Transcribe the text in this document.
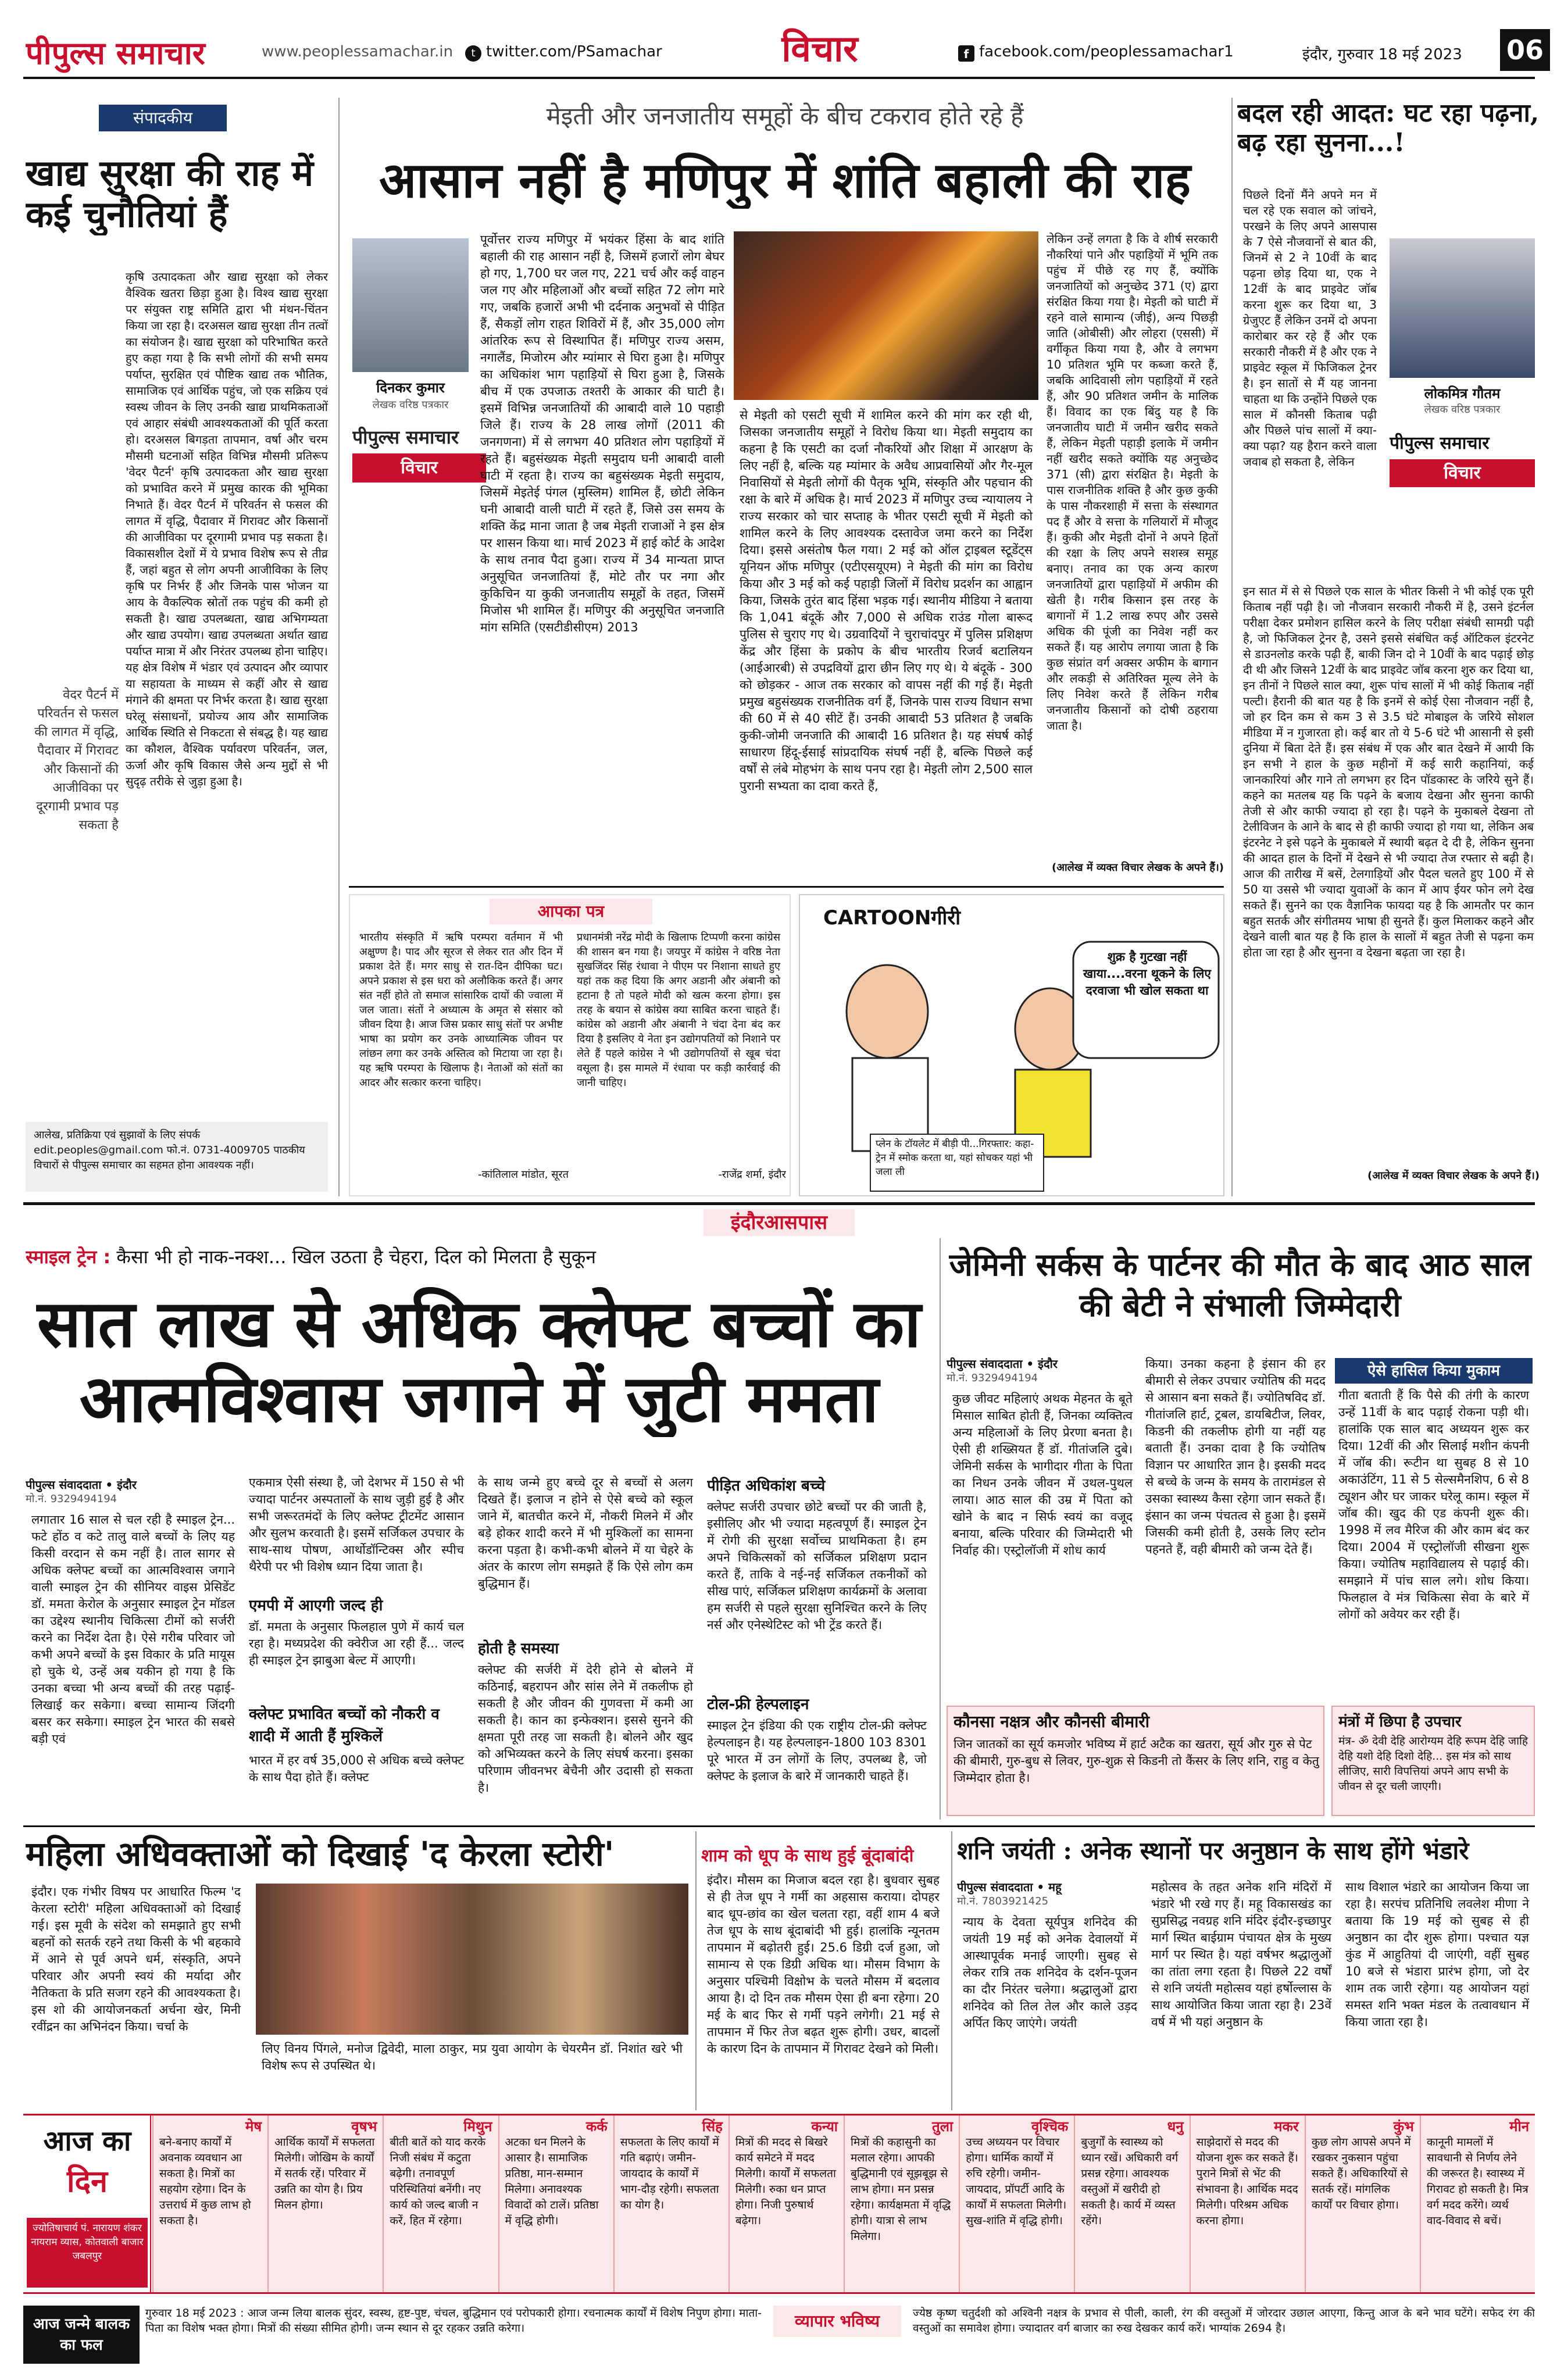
पीपुल्स समाचार	www.peoplessamachar.in	t twitter.com/PSamachar	विचार	f facebook.com/peoplessamachar1	इंदौर, गुरुवार 18 मई 2023	06
संपादकीय
खाद्य सुरक्षा की राह में कई चुनौतियां हैं
कृषि उत्पादकता और खाद्य सुरक्षा को लेकर वैश्विक खतरा छिड़ा हुआ है। विश्व खाद्य सुरक्षा पर संयुक्त राष्ट्र समिति द्वारा भी मंथन-चिंतन किया जा रहा है। दरअसल खाद्य सुरक्षा तीन तत्वों का संयोजन है। खाद्य सुरक्षा को परिभाषित करते हुए कहा गया है कि सभी लोगों की सभी समय पर्याप्त, सुरक्षित एवं पौष्टिक खाद्य तक भौतिक, सामाजिक एवं आर्थिक पहुंच, जो एक सक्रिय एवं स्वस्थ जीवन के लिए उनकी खाद्य प्राथमिकताओं एवं आहार संबंधी आवश्यकताओं की पूर्ति करता हो। दरअसल बिगड़ता तापमान, वर्षा और चरम मौसमी घटनाओं सहित विभिन्न मौसमी प्रतिरूप 'वेदर पैटर्न' कृषि उत्पादकता और खाद्य सुरक्षा को प्रभावित करने में प्रमुख कारक की भूमिका निभाते हैं। वेदर पैटर्न में परिवर्तन से फसल की लागत में वृद्धि, पैदावार में गिरावट और किसानों की आजीविका पर दूरगामी प्रभाव पड़ सकता है। विकासशील देशों में ये प्रभाव विशेष रूप से तीव्र हैं, जहां बहुत से लोग अपनी आजीविका के लिए कृषि पर निर्भर हैं और जिनके पास भोजन या आय के वैकल्पिक स्रोतों तक पहुंच की कमी हो सकती है। खाद्य उपलब्धता, खाद्य अभिगम्यता और खाद्य उपयोग। खाद्य उपलब्धता अर्थात खाद्य पर्याप्त मात्रा में और निरंतर उपलब्ध होना चाहिए। यह क्षेत्र विशेष में भंडार एवं उत्पादन और व्यापार या सहायता के माध्यम से कहीं और से खाद्य मंगाने की क्षमता पर निर्भर करता है। खाद्य सुरक्षा घरेलू संसाधनों, प्रयोज्य आय और सामाजिक आर्थिक स्थिति से निकटता से संबद्ध है। यह खाद्य का कौशल, वैश्विक पर्यावरण परिवर्तन, जल, ऊर्जा और कृषि विकास जैसे अन्य मुद्दों से भी सुदृढ़ तरीके से जुड़ा हुआ है।
वेदर पैटर्न में परिवर्तन से फसल की लागत में वृद्धि, पैदावार में गिरावट और किसानों की आजीविका पर दूरगामी प्रभाव पड़ सकता है
आलेख, प्रतिक्रिया एवं सुझावों के लिए संपर्क edit.peoples@gmail.com फो.नं. 0731-4009705 पाठकीय विचारों से पीपुल्स समाचार का सहमत होना आवश्यक नहीं।
मेइती और जनजातीय समूहों के बीच टकराव होते रहे हैं
आसान नहीं है मणिपुर में शांति बहाली की राह
दिनकर कुमार
लेखक वरिष्ठ पत्रकार
पीपुल्स समाचार
विचार
पूर्वोत्तर राज्य मणिपुर में भयंकर हिंसा के बाद शांति बहाली की राह आसान नहीं है, जिसमें हजारों लोग बेघर हो गए, 1,700 घर जल गए, 221 चर्च और कई वाहन जल गए और महिलाओं और बच्चों सहित 72 लोग मारे गए, जबकि हजारों अभी भी दर्दनाक अनुभवों से पीड़ित हैं, सैकड़ों लोग राहत शिविरों में हैं, और 35,000 लोग आंतरिक रूप से विस्थापित हैं। मणिपुर राज्य असम, नगालैंड, मिजोरम और म्यांमार से घिरा हुआ है। मणिपुर का अधिकांश भाग पहाड़ियों से घिरा हुआ है, जिसके बीच में एक उपजाऊ तश्तरी के आकार की घाटी है। इसमें विभिन्न जनजातियों की आबादी वाले 10 पहाड़ी जिले हैं। राज्य के 28 लाख लोगों (2011 की जनगणना) में से लगभग 40 प्रतिशत लोग पहाड़ियों में रहते हैं। बहुसंख्यक मेइती समुदाय घनी आबादी वाली घाटी में रहता है। राज्य का बहुसंख्यक मेइती समुदाय, जिसमें मेइतेई पंगल (मुस्लिम) शामिल हैं, छोटी लेकिन घनी आबादी वाली घाटी में रहते हैं, जिसे उस समय के शक्ति केंद्र माना जाता है जब मेइती राजाओं ने इस क्षेत्र पर शासन किया था। मार्च 2023 में हाई कोर्ट के आदेश के साथ तनाव पैदा हुआ। राज्य में 34 मान्यता प्राप्त अनुसूचित जनजातियां हैं, मोटे तौर पर नगा और कुकिचिन या कुकी जनजातीय समूहों के तहत, जिसमें मिजोस भी शामिल हैं। मणिपुर की अनुसूचित जनजाति मांग समिति (एसटीडीसीएम) 2013
से मेइती को एसटी सूची में शामिल करने की मांग कर रही थी, जिसका जनजातीय समूहों ने विरोध किया था। मेइती समुदाय का कहना है कि एसटी का दर्जा नौकरियों और शिक्षा में आरक्षण के लिए नहीं है, बल्कि यह म्यांमार के अवैध आप्रवासियों और गैर-मूल निवासियों से मेइती लोगों की पैतृक भूमि, संस्कृति और पहचान की रक्षा के बारे में अधिक है। मार्च 2023 में मणिपुर उच्च न्यायालय ने राज्य सरकार को चार सप्ताह के भीतर एसटी सूची में मेइती को शामिल करने के लिए आवश्यक दस्तावेज जमा करने का निर्देश दिया। इससे असंतोष फैल गया। 2 मई को ऑल ट्राइबल स्टूडेंट्स यूनियन ऑफ मणिपुर (एटीएसयूएम) ने मेइती की मांग का विरोध किया और 3 मई को कई पहाड़ी जिलों में विरोध प्रदर्शन का आह्वान किया, जिसके तुरंत बाद हिंसा भड़क गई। स्थानीय मीडिया ने बताया कि 1,041 बंदूकें और 7,000 से अधिक राउंड गोला बारूद पुलिस से चुराए गए थे। उग्रवादियों ने चुराचांदपुर में पुलिस प्रशिक्षण केंद्र और हिंसा के प्रकोप के बीच भारतीय रिजर्व बटालियन (आईआरबी) से उपद्रवियों द्वारा छीन लिए गए थे। ये बंदूकें - 300 को छोड़कर - आज तक सरकार को वापस नहीं की गई हैं। मेइती प्रमुख बहुसंख्यक राजनीतिक वर्ग हैं, जिनके पास राज्य विधान सभा की 60 में से 40 सीटें हैं। उनकी आबादी 53 प्रतिशत है जबकि कुकी-जोमी जनजाति की आबादी 16 प्रतिशत है। यह संघर्ष कोई साधारण हिंदू-ईसाई सांप्रदायिक संघर्ष नहीं है, बल्कि पिछले कई वर्षों से लंबे मोहभंग के साथ पनप रहा है। मेइती लोग 2,500 साल पुरानी सभ्यता का दावा करते हैं,
लेकिन उन्हें लगता है कि वे शीर्ष सरकारी नौकरियां पाने और पहाड़ियों में भूमि तक पहुंच में पीछे रह गए हैं, क्योंकि जनजातियों को अनुच्छेद 371 (ए) द्वारा संरक्षित किया गया है। मेइती को घाटी में रहने वाले सामान्य (जीई), अन्य पिछड़ी जाति (ओबीसी) और लोहरा (एससी) में वर्गीकृत किया गया है, और वे लगभग 10 प्रतिशत भूमि पर कब्जा करते हैं, जबकि आदिवासी लोग पहाड़ियों में रहते हैं, और 90 प्रतिशत जमीन के मालिक हैं। विवाद का एक बिंदु यह है कि जनजातीय घाटी में जमीन खरीद सकते हैं, लेकिन मेइती पहाड़ी इलाके में जमीन नहीं खरीद सकते क्योंकि यह अनुच्छेद 371 (सी) द्वारा संरक्षित है। मेइती के पास राजनीतिक शक्ति है और कुछ कुकी के पास नौकरशाही में सत्ता के संस्थागत पद हैं और वे सत्ता के गलियारों में मौजूद हैं। कुकी और मेइती दोनों ने अपने हितों की रक्षा के लिए अपने सशस्त्र समूह बनाए। तनाव का एक अन्य कारण जनजातियों द्वारा पहाड़ियों में अफीम की खेती है। गरीब किसान इस तरह के बागानों में 1.2 लाख रुपए और उससे अधिक की पूंजी का निवेश नहीं कर सकते हैं। यह आरोप लगाया जाता है कि कुछ संप्रांत वर्ग अक्सर अफीम के बागान और लकड़ी से अतिरिक्त मूल्य लेने के लिए निवेश करते हैं लेकिन गरीब जनजातीय किसानों को दोषी ठहराया जाता है।
(आलेख में व्यक्त विचार लेखक के अपने हैं।)
आपका पत्र
भारतीय संस्कृति में ऋषि परम्परा वर्तमान में भी अक्षुण्ण है। पाद और सूरज से लेकर रात और दिन में प्रकाश देते हैं। मगर साधु से रात-दिन दीपिका घट। अपने प्रकाश से इस धरा को अलौकिक करते हैं। अगर संत नहीं होते तो समाज सांसारिक दायों की ज्वाला में जल जाता। संतों ने अध्यात्म के अमृत से संसार को जीवन दिया है। आज जिस प्रकार साधु संतों पर अभीष्ट भाषा का प्रयोग कर उनके आध्यात्मिक जीवन पर लांछन लगा कर उनके अस्तित्व को मिटाया जा रहा है। यह ऋषि परम्परा के खिलाफ है। नेताओं को संतों का आदर और सत्कार करना चाहिए।
-कांतिलाल मांडोत, सूरत
प्रधानमंत्री नरेंद्र मोदी के खिलाफ टिप्पणी करना कांग्रेस की शासन बन गया है। जयपुर में कांग्रेस ने वरिष्ठ नेता सुखजिंदर सिंह रंधावा ने पीएम पर निशाना साधते हुए यहां तक कह दिया कि अगर अडानी और अंबानी को हटाना है तो पहले मोदी को खत्म करना होगा। इस तरह के बयान से कांग्रेस क्या साबित करना चाहते हैं। कांग्रेस को अडानी और अंबानी ने चंदा देना बंद कर दिया है इसलिए ये नेता इन उद्योगपतियों को निशाने पर लेते हैं पहले कांग्रेस ने भी उद्योगपतियों से खूब चंदा वसूला है। इस मामले में रंधावा पर कड़ी कार्रवाई की जानी चाहिए।
-राजेंद्र शर्मा, इंदौर
CARTOONगीरी
शुक्र है गुटखा नहीं खाया....वरना थूकने के लिए दरवाजा भी खोल सकता था
प्लेन के टॉयलेट में बीड़ी पी...गिरफ्तार: कहा-ट्रेन में स्मोक करता था, यहां सोचकर यहां भी जला ली
बदल रही आदत: घट रहा पढ़ना, बढ़ रहा सुनना...!
पिछले दिनों मैंने अपने मन में चल रहे एक सवाल को जांचने, परखने के लिए अपने आसपास के 7 ऐसे नौजवानों से बात की, जिनमें से 2 ने 10वीं के बाद पढ़ना छोड़ दिया था, एक ने 12वीं के बाद प्राइवेट जॉब करना शुरू कर दिया था, 3 ग्रेजुएट हैं लेकिन उनमें दो अपना कारोबार कर रहे हैं और एक सरकारी नौकरी में है और एक ने प्राइवेट स्कूल में फिजिकल ट्रेनर है। इन सातों से मैं यह जानना चाहता था कि उन्होंने पिछले एक साल में कौनसी किताब पढ़ी और पिछले पांच सालों में क्या-क्या पढ़ा? यह हैरान करने वाला जवाब हो सकता है, लेकिन
लोकमित्र गौतम
लेखक वरिष्ठ पत्रकार
पीपुल्स समाचार
विचार
इन सात में से से पिछले एक साल के भीतर किसी ने भी कोई एक पूरी किताब नहीं पढ़ी है। जो नौजवान सरकारी नौकरी में है, उसने इंटर्नल परीक्षा देकर प्रमोशन हासिल करने के लिए परीक्षा संबंधी सामग्री पढ़ी है, जो फिजिकल ट्रेनर है, उसने इससे संबंधित कई ऑटिकल इंटरनेट से डाउनलोड करके पढ़ी हैं, बाकी जिन दो ने 10वीं के बाद पढ़ाई छोड़ दी थी और जिसने 12वीं के बाद प्राइवेट जॉब करना शुरु कर दिया था, इन तीनों ने पिछले साल क्या, शुरू पांच सालों में भी कोई किताब नहीं पल्टी। हैरानी की बात यह है कि इनमें से कोई ऐसा नौजवान नहीं है, जो हर दिन कम से कम 3 से 3.5 घंटे मोबाइल के जरिये सोशल मीडिया में न गुजारता हो। कई बार तो ये 5-6 घंटे भी आसानी से इसी दुनिया में बिता देते हैं। इस संबंध में एक और बात देखने में आयी कि इन सभी ने हाल के कुछ महीनों में कई सारी कहानियां, कई जानकारियां और गाने तो लगभग हर दिन पॉडकास्ट के जरिये सुने हैं। कहने का मतलब यह कि पढ़ने के बजाय देखना और सुनना काफी तेजी से और काफी ज्यादा हो रहा है। पढ़ने के मुकाबले देखना तो टेलीविजन के आने के बाद से ही काफी ज्यादा हो गया था, लेकिन अब इंटरनेट ने इसे पढ़ने के मुकाबले में स्थायी बढ़त दे दी है, लेकिन सुनना की आदत हाल के दिनों में देखने से भी ज्यादा तेज रफ्तार से बढ़ी है। आज की तारीख में बसें, टेलगाड़ियों और पैदल चलते हुए 100 में से 50 या उससे भी ज्यादा युवाओं के कान में आप ईयर फोन लगे देख सकते हैं। सुनने का एक वैज्ञानिक फायदा यह है कि आमतौर पर कान बहुत सतर्क और संगीतमय भाषा ही सुनते हैं। कुल मिलाकर कहने और देखने वाली बात यह है कि हाल के सालों में बहुत तेजी से पढ़ना कम होता जा रहा है और सुनना व देखना बढ़ता जा रहा है।
(आलेख में व्यक्त विचार लेखक के अपने हैं।)
इंदौरआसपास
स्माइल ट्रेन : कैसा भी हो नाक-नक्श... खिल उठता है चेहरा, दिल को मिलता है सुकून
सात लाख से अधिक क्लेफ्ट बच्चों का आत्मविश्वास जगाने में जुटी ममता
पीपुल्स संवाददाता • इंदौर
मो.नं. 9329494194
लगातार 16 साल से चल रही है स्माइल ट्रेन... फटे होंठ व कटे तालु वाले बच्चों के लिए यह किसी वरदान से कम नहीं है। ताल सागर से अधिक क्लेफ्ट बच्चों का आत्मविश्वास जगाने वाली स्माइल ट्रेन की सीनियर वाइस प्रेसिडेंट डॉ. ममता केरोल के अनुसार स्माइल ट्रेन मॉडल का उद्देश्य स्थानीय चिकित्सा टीमों को सर्जरी करने का निर्देश देता है। ऐसे गरीब परिवार जो कभी अपने बच्चों के इस विकार के प्रति मायूस हो चुके थे, उन्हें अब यकीन हो गया है कि उनका बच्चा भी अन्य बच्चों की तरह पढ़ाई-लिखाई कर सकेगा। बच्चा सामान्य जिंदगी बसर कर सकेगा। स्माइल ट्रेन भारत की सबसे बड़ी एवं
एकमात्र ऐसी संस्था है, जो देशभर में 150 से भी ज्यादा पार्टनर अस्पतालों के साथ जुड़ी हुई है और सभी जरूरतमंदों के लिए क्लेफ्ट ट्रीटमेंट आसान और सुलभ करवाती है। इसमें सर्जिकल उपचार के साथ-साथ पोषण, आर्थोडॉन्टिक्स और स्पीच थैरेपी पर भी विशेष ध्यान दिया जाता है।
एमपी में आएगी जल्द ही
डॉ. ममता के अनुसार फिलहाल पुणे में कार्य चल रहा है। मध्यप्रदेश की क्वेरीज आ रही हैं... जल्द ही स्माइल ट्रेन झाबुआ बेल्ट में आएगी।
क्लेफ्ट प्रभावित बच्चों को नौकरी व शादी में आती हैं मुश्किलें
भारत में हर वर्ष 35,000 से अधिक बच्चे क्लेफ्ट के साथ पैदा होते हैं। क्लेफ्ट
के साथ जन्मे हुए बच्चे दूर से बच्चों से अलग दिखते हैं। इलाज न होने से ऐसे बच्चे को स्कूल जाने में, बातचीत करने में, नौकरी मिलने में और बड़े होकर शादी करने में भी मुश्किलों का सामना करना पड़ता है। कभी-कभी बोलने में या चेहरे के अंतर के कारण लोग समझते हैं कि ऐसे लोग कम बुद्धिमान हैं।
होती है समस्या
क्लेफ्ट की सर्जरी में देरी होने से बोलने में कठिनाई, बहरापन और सांस लेने में तकलीफ हो सकती है और जीवन की गुणवत्ता में कमी आ सकती है। कान का इन्फेक्शन। इससे सुनने की क्षमता पूरी तरह जा सकती है। बोलने और खुद को अभिव्यक्त करने के लिए संघर्ष करना। इसका परिणाम जीवनभर बेचैनी और उदासी हो सकता है।
पीड़ित अधिकांश बच्चे
क्लेफ्ट सर्जरी उपचार छोटे बच्चों पर की जाती है, इसीलिए और भी ज्यादा महत्वपूर्ण हैं। स्माइल ट्रेन में रोगी की सुरक्षा सर्वोच्च प्राथमिकता है। हम अपने चिकित्सकों को सर्जिकल प्रशिक्षण प्रदान करते हैं, ताकि वे नई-नई सर्जिकल तकनीकों को सीख पाएं, सर्जिकल प्रशिक्षण कार्यक्रमों के अलावा हम सर्जरी से पहले सुरक्षा सुनिश्चित करने के लिए नर्स और एनेस्थेटिस्ट को भी ट्रेंड करते हैं।
टोल-फ्री हेल्पलाइन
स्माइल ट्रेन इंडिया की एक राष्ट्रीय टोल-फ्री क्लेफ्ट हेल्पलाइन है। यह हेल्पलाइन-1800 103 8301 पूरे भारत में उन लोगों के लिए, उपलब्ध है, जो क्लेफ्ट के इलाज के बारे में जानकारी चाहते हैं।
जेमिनी सर्कस के पार्टनर की मौत के बाद आठ साल की बेटी ने संभाली जिम्मेदारी
पीपुल्स संवाददाता • इंदौर
मो.नं. 9329494194
कुछ जीवट महिलाएं अथक मेहनत के बूते मिसाल साबित होती हैं, जिनका व्यक्तित्व अन्य महिलाओं के लिए प्रेरणा बनता है। ऐसी ही शख्सियत हैं डॉ. गीतांजलि दुबे। जेमिनी सर्कस के भागीदार गीता के पिता का निधन उनके जीवन में उथल-पुथल लाया। आठ साल की उम्र में पिता को खोने के बाद न सिर्फ स्वयं का वजूद बनाया, बल्कि परिवार की जिम्मेदारी भी निर्वाह की। एस्ट्रोलॉजी में शोध कार्य
किया। उनका कहना है इंसान की हर बीमारी से लेकर उपचार ज्योतिष की मदद से आसान बना सकते हैं। ज्योतिषविद डॉ. गीतांजलि हार्ट, ट्रबल, डायबिटीज, लिवर, किडनी की तकलीफ होगी या नहीं यह बताती हैं। उनका दावा है कि ज्योतिष विज्ञान पर आधारित ज्ञान है। इसकी मदद से बच्चे के जन्म के समय के तारामंडल से उसका स्वास्थ्य कैसा रहेगा जान सकते हैं। इंसान का जन्म पंचतत्व से हुआ है। इसमें जिसकी कमी होती है, उसके लिए स्टोन पहनते हैं, वही बीमारी को जन्म देते हैं।
ऐसे हासिल किया मुकाम
गीता बताती हैं कि पैसे की तंगी के कारण उन्हें 11वीं के बाद पढ़ाई रोकना पड़ी थी। हालांकि एक साल बाद अध्ययन शुरू कर दिया। 12वीं की और सिलाई मशीन कंपनी में जॉब की। रूटीन था सुबह 8 से 10 अकाउंटिंग, 11 से 5 सेल्समैनशिप, 6 से 8 ट्यूशन और घर जाकर घरेलू काम। स्कूल में जॉब की। खुद की एड कंपनी शुरू की। 1998 में लव मैरिज की और काम बंद कर दिया। 2004 में एस्ट्रोलॉजी सीखना शुरू किया। ज्योतिष महाविद्यालय से पढ़ाई की। समझाने में पांच साल लगे। शोध किया। फिलहाल वे मंत्र चिकित्सा सेवा के बारे में लोगों को अवेयर कर रही हैं।
कौनसा नक्षत्र और कौनसी बीमारी
जिन जातकों का सूर्य कमजोर भविष्य में हार्ट अटैक का खतरा, सूर्य और गुरु से पेट की बीमारी, गुरु-बुध से लिवर, गुरु-शुक्र से किडनी तो कैंसर के लिए शनि, राहु व केतु जिम्मेदार होता है।
मंत्रों में छिपा है उपचार
मंत्र- ॐ देवी देहि आरोग्यम देहि रूपम देहि जाहि देहि यशो देहि दिशो देहि... इस मंत्र को साथ लीजिए, सारी विपत्तियां अपने आप सभी के जीवन से दूर चली जाएगी।
महिला अधिवक्ताओं को दिखाई 'द केरला स्टोरी'
इंदौर। एक गंभीर विषय पर आधारित फिल्म 'द केरला स्टोरी' महिला अधिवक्ताओं को दिखाई गई। इस मूवी के संदेश को समझाते हुए सभी बहनों को सतर्क रहने तथा किसी के भी बहकावे में आने से पूर्व अपने धर्म, संस्कृति, अपने परिवार और अपनी स्वयं की मर्यादा और नैतिकता के प्रति सजग रहने की आवश्यकता है। इस शो की आयोजनकर्ता अर्चना खेर, मिनी रवींद्रन का अभिनंदन किया। चर्चा के
लिए विनय पिंगले, मनोज द्विवेदी, माला ठाकुर, मप्र युवा आयोग के चेयरमैन डॉ. निशांत खरे भी विशेष रूप से उपस्थित थे।
शाम को धूप के साथ हुई बूंदाबांदी
इंदौर। मौसम का मिजाज बदल रहा है। बुधवार सुबह से ही तेज धूप ने गर्मी का अहसास कराया। दोपहर बाद धूप-छांव का खेल चलता रहा, वहीं शाम 4 बजे तेज धूप के साथ बूंदाबांदी भी हुई। हालांकि न्यूनतम तापमान में बढ़ोतरी हुई। 25.6 डिग्री दर्ज हुआ, जो सामान्य से एक डिग्री अधिक था। मौसम विभाग के अनुसार पश्चिमी विक्षोभ के चलते मौसम में बदलाव आया है। दो दिन तक मौसम ऐसा ही बना रहेगा। 20 मई के बाद फिर से गर्मी पड़ने लगेगी। 21 मई से तापमान में फिर तेज बढ़त शुरू होगी। उधर, बादलों के कारण दिन के तापमान में गिरावट देखने को मिली।
शनि जयंती : अनेक स्थानों पर अनुष्ठान के साथ होंगे भंडारे
पीपुल्स संवाददाता • महू
मो.नं. 7803921425
न्याय के देवता सूर्यपुत्र शनिदेव की जयंती 19 मई को अनेक देवालयों में आस्थापूर्वक मनाई जाएगी। सुबह से लेकर रात्रि तक शनिदेव के दर्शन-पूजन का दौर निरंतर चलेगा। श्रद्धालुओं द्वारा शनिदेव को तिल तेल और काले उड़द अर्पित किए जाएंगे। जयंती
महोत्सव के तहत अनेक शनि मंदिरों में भंडारे भी रखे गए हैं। महू विकासखंड का सुप्रसिद्ध नवग्रह शनि मंदिर इंदौर-इच्छापुर मार्ग स्थित बाईग्राम पंचायत क्षेत्र के मुख्य मार्ग पर स्थित है। यहां वर्षभर श्रद्धालुओं का तांता लगा रहता है। पिछले 22 वर्षों से शनि जयंती महोत्सव यहां हर्षोल्लास के साथ आयोजित किया जाता रहा है। 23वें वर्ष में भी यहां अनुष्ठान के
साथ विशाल भंडारे का आयोजन किया जा रहा है। सरपंच प्रतिनिधि लवलेश मीणा ने बताया कि 19 मई को सुबह से ही अनुष्ठान का दौर शुरू होगा। पश्चात यज्ञ कुंड में आहुतियां दी जाएंगी, वहीं सुबह 10 बजे से भंडारा प्रारंभ होगा, जो देर शाम तक जारी रहेगा। यह आयोजन यहां समस्त शनि भक्त मंडल के तत्वावधान में किया जाता रहा है।
आज का
दिन
ज्योतिषाचार्य पं. नारायण शंकर नायराम व्यास, कोतवाली बाजार जबलपुर
मेष
बने-बनाए कार्यों में अवनाक व्यवधान आ सकता है। मित्रों का सहयोग रहेगा। दिन के उत्तरार्ध में कुछ लाभ हो सकता है।
वृषभ
आर्थिक कार्यों में सफलता मिलेगी। जोखिम के कार्यों में सतर्क रहें। परिवार में उन्नति का योग है। प्रिय मिलन होगा।
मिथुन
बीती बातें को याद करके निजी संबंध में कटुता बढ़ेगी। तनावपूर्ण परिस्थितियां बनेंगी। नए कार्य को जल्द बाजी न करें, हित में रहेगा।
कर्क
अटका धन मिलने के आसार है। सामाजिक प्रतिष्ठा, मान-सम्मान मिलेगा। अनावश्यक विवादों को टालें। प्रतिष्ठा में वृद्धि होगी।
सिंह
सफलता के लिए कार्यों में गति बढ़ाएं। जमीन-जायदाद के कार्यों में भाग-दौड़ रहेगी। सफलता का योग है।
कन्या
मित्रों की मदद से बिखरे कार्य समेटने में मदद मिलेगी। कार्यों में सफलता मिलेगी। रुका धन प्राप्त होगा। निजी पुरुषार्थ बढ़ेगा।
तुला
मित्रों की कहासुनी का मलाल रहेगा। आपकी बुद्धिमानी एवं सूझबूझ से लाभ होगा। मन प्रसन्न रहेगा। कार्यक्षमता में वृद्धि होगी। यात्रा से लाभ मिलेगा।
वृश्चिक
उच्च अध्ययन पर विचार होगा। धार्मिक कार्यों में रुचि रहेगी। जमीन-जायदाद, प्रॉपर्टी आदि के कार्यों में सफलता मिलेगी। सुख-शांति में वृद्धि होगी।
धनु
बुजुर्गों के स्वास्थ्य को ध्यान रखें। अधिकारी वर्ग प्रसन्न रहेगा। आवश्यक वस्तुओं में खरीदी हो सकती है। कार्य में व्यस्त रहेंगे।
मकर
साझेदारों से मदद की योजना शुरू कर सकते हैं। पुराने मित्रों से भेंट की संभावना है। आर्थिक मदद मिलेगी। परिश्रम अधिक करना होगा।
कुंभ
कुछ लोग आपसे अपने में रखकर नुकसान पहुंचा सकते हैं। अधिकारियों से सतर्क रहें। मांगलिक कार्यों पर विचार होगा।
मीन
कानूनी मामलों में सावधानी से निर्णय लेने की जरूरत है। स्वास्थ्य में गिरावट हो सकती है। मित्र वर्ग मदद करेंगे। व्यर्थ वाद-विवाद से बचें।
आज जन्मे बालक का फल
गुरुवार 18 मई 2023 : आज जन्म लिया बालक सुंदर, स्वस्थ, हृष्ट-पुष्ट, चंचल, बुद्धिमान एवं परोपकारी होगा। रचनात्मक कार्यों में विशेष निपुण होगा। माता-पिता का विशेष भक्त होगा। मित्रों की संख्या सीमित होगी। जन्म स्थान से दूर रहकर उन्नति करेगा।	व्यापार भविष्य	ज्येष्ठ कृष्ण चतुर्दशी को अश्विनी नक्षत्र के प्रभाव से पीली, काली, रंग की वस्तुओं में जोरदार उछाल आएगा, किन्तु आज के बने भाव घटेंगे। सफेद रंग की वस्तुओं का समावेश होगा। ज्यादातर वर्ग बाजार का रुख देखकर कार्य करें। भाग्यांक 2694 है।
